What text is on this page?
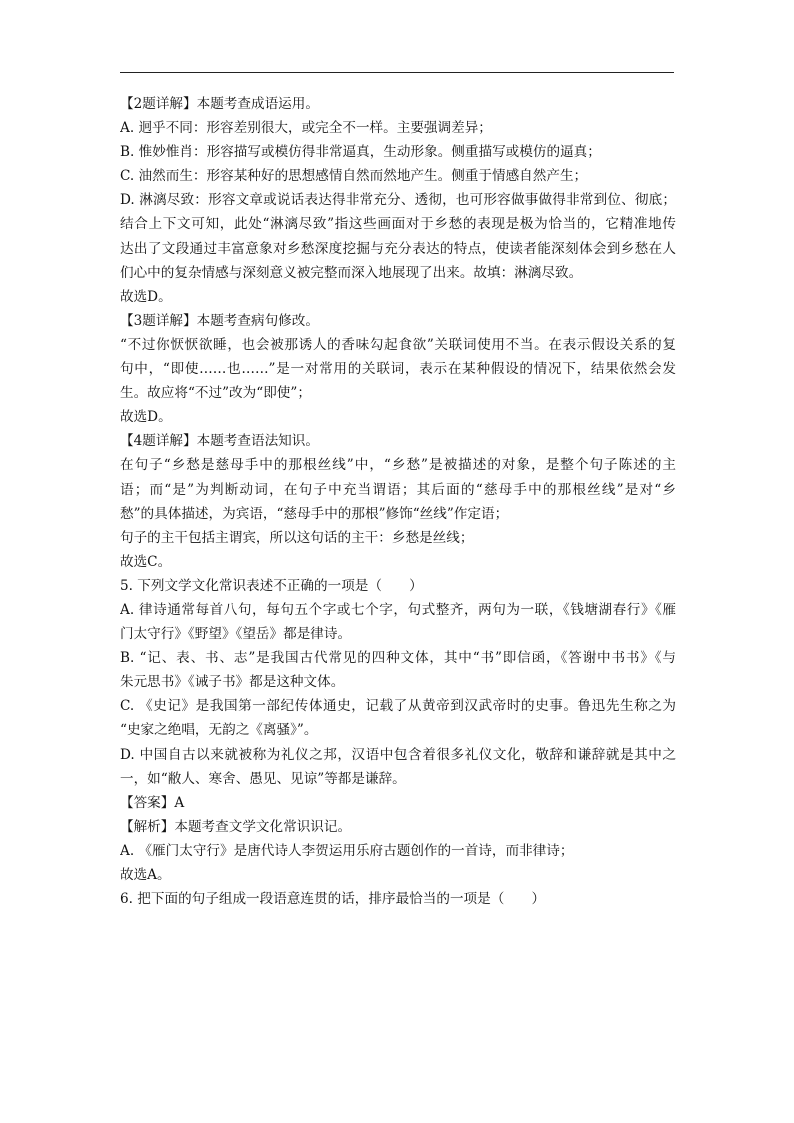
【2题详解】本题考查成语运用。
A. 迥乎不同：形容差别很大，或完全不一样。主要强调差异；
B. 惟妙惟肖：形容描写或模仿得非常逼真，生动形象。侧重描写或模仿的逼真；
C. 油然而生：形容某种好的思想感情自然而然地产生。侧重于情感自然产生；
D. 淋漓尽致：形容文章或说话表达得非常充分、透彻，也可形容做事做得非常到位、彻底；
结合上下文可知，此处“淋漓尽致”指这些画面对于乡愁的表现是极为恰当的，它精准地传
达出了文段通过丰富意象对乡愁深度挖掘与充分表达的特点，使读者能深刻体会到乡愁在人
们心中的复杂情感与深刻意义被完整而深入地展现了出来。故填：淋漓尽致。
故选D。
【3题详解】本题考查病句修改。
“不过你恹恹欲睡，也会被那诱人的香味勾起食欲”关联词使用不当。在表示假设关系的复
句中，“即使……也……”是一对常用的关联词，表示在某种假设的情况下，结果依然会发
生。故应将“不过”改为“即使”；
故选D。
【4题详解】本题考查语法知识。
在句子“乡愁是慈母手中的那根丝线”中，“乡愁”是被描述的对象，是整个句子陈述的主
语；而“是”为判断动词，在句子中充当谓语；其后面的“慈母手中的那根丝线”是对“乡
愁”的具体描述，为宾语，“慈母手中的那根”修饰“丝线”作定语；
句子的主干包括主谓宾，所以这句话的主干：乡愁是丝线；
故选C。
5. 下列文学文化常识表述不正确的一项是（　　）
A. 律诗通常每首八句，每句五个字或七个字，句式整齐，两句为一联，《钱塘湖春行》《雁
门太守行》《野望》《望岳》都是律诗。
B. “记、表、书、志”是我国古代常见的四种文体，其中“书”即信函，《答谢中书书》《与
朱元思书》《诫子书》都是这种文体。
C. 《史记》是我国第一部纪传体通史，记载了从黄帝到汉武帝时的史事。鲁迅先生称之为
“史家之绝唱，无韵之《离骚》”。
D. 中国自古以来就被称为礼仪之邦，汉语中包含着很多礼仪文化，敬辞和谦辞就是其中之
一，如“敝人、寒舍、愚见、见谅”等都是谦辞。
【答案】A
【解析】本题考查文学文化常识识记。
A. 《雁门太守行》是唐代诗人李贺运用乐府古题创作的一首诗，而非律诗；
故选A。
6. 把下面的句子组成一段语意连贯的话，排序最恰当的一项是（　　）
